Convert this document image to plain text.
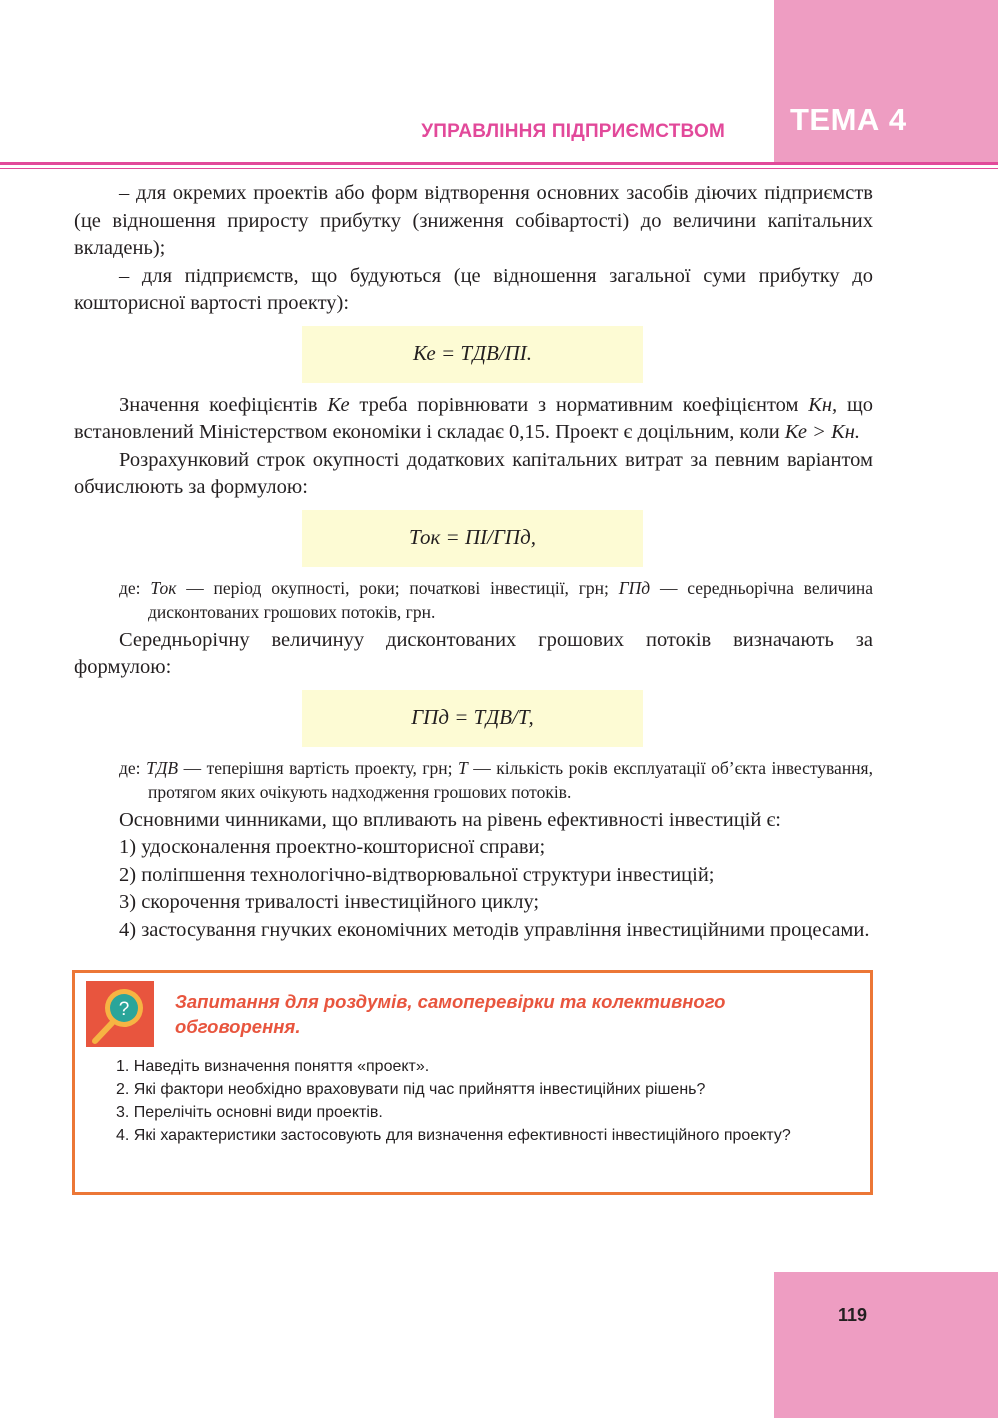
ТЕМА 4
УПРАВЛІННЯ ПІДПРИЄМСТВОМ

– для окремих проектів або форм відтворення основних засобів діючих підприємств (це відношення приросту прибутку (зниження собівартості) до величини капітальних вкладень);

– для підприємств, що будуються (це відношення загальної суми прибутку до кошторисної вартості проекту):

Ке = ТДВ/ПІ.

Значення коефіцієнтів Ке треба порівнювати з нормативним коефіцієнтом Кн, що встановлений Міністерством економіки і складає 0,15. Проект є доцільним, коли Ке > Кн.

Розрахунковий строк окупності додаткових капітальних витрат за певним варіантом обчислюють за формулою:

Ток = ПІ/ГПд,
де: Ток — період окупності, роки; початкові інвестиції, грн; ГПд — середньорічна величина дисконтованих грошових потоків, грн.

Середньорічну величинуу дисконтованих грошових потоків визначають за формулою:

ГПд = ТДВ/Т,
де: ТДВ — теперішня вартість проекту, грн; Т — кількість років експлуатації об’єкта інвестування, протягом яких очікують надходження грошових потоків.

Основними чинниками, що впливають на рівень ефективності інвестицій є:

1) удосконалення проектно-кошторисної справи;

2) поліпшення технологічно-відтворювальної структури інвестицій;

3) скорочення тривалості інвестиційного циклу;

4) застосування гнучких економічних методів управління інвестиційними процесами.

? Запитання для роздумів, самоперевірки та колективного обговорення.

1. Наведіть визначення поняття «проект».

2. Які фактори необхідно враховувати під час прийняття інвестиційних рішень?

3. Перелічіть основні види проектів.

4. Які характеристики застосовують для визначення ефективності інвестиційного проекту?

119
